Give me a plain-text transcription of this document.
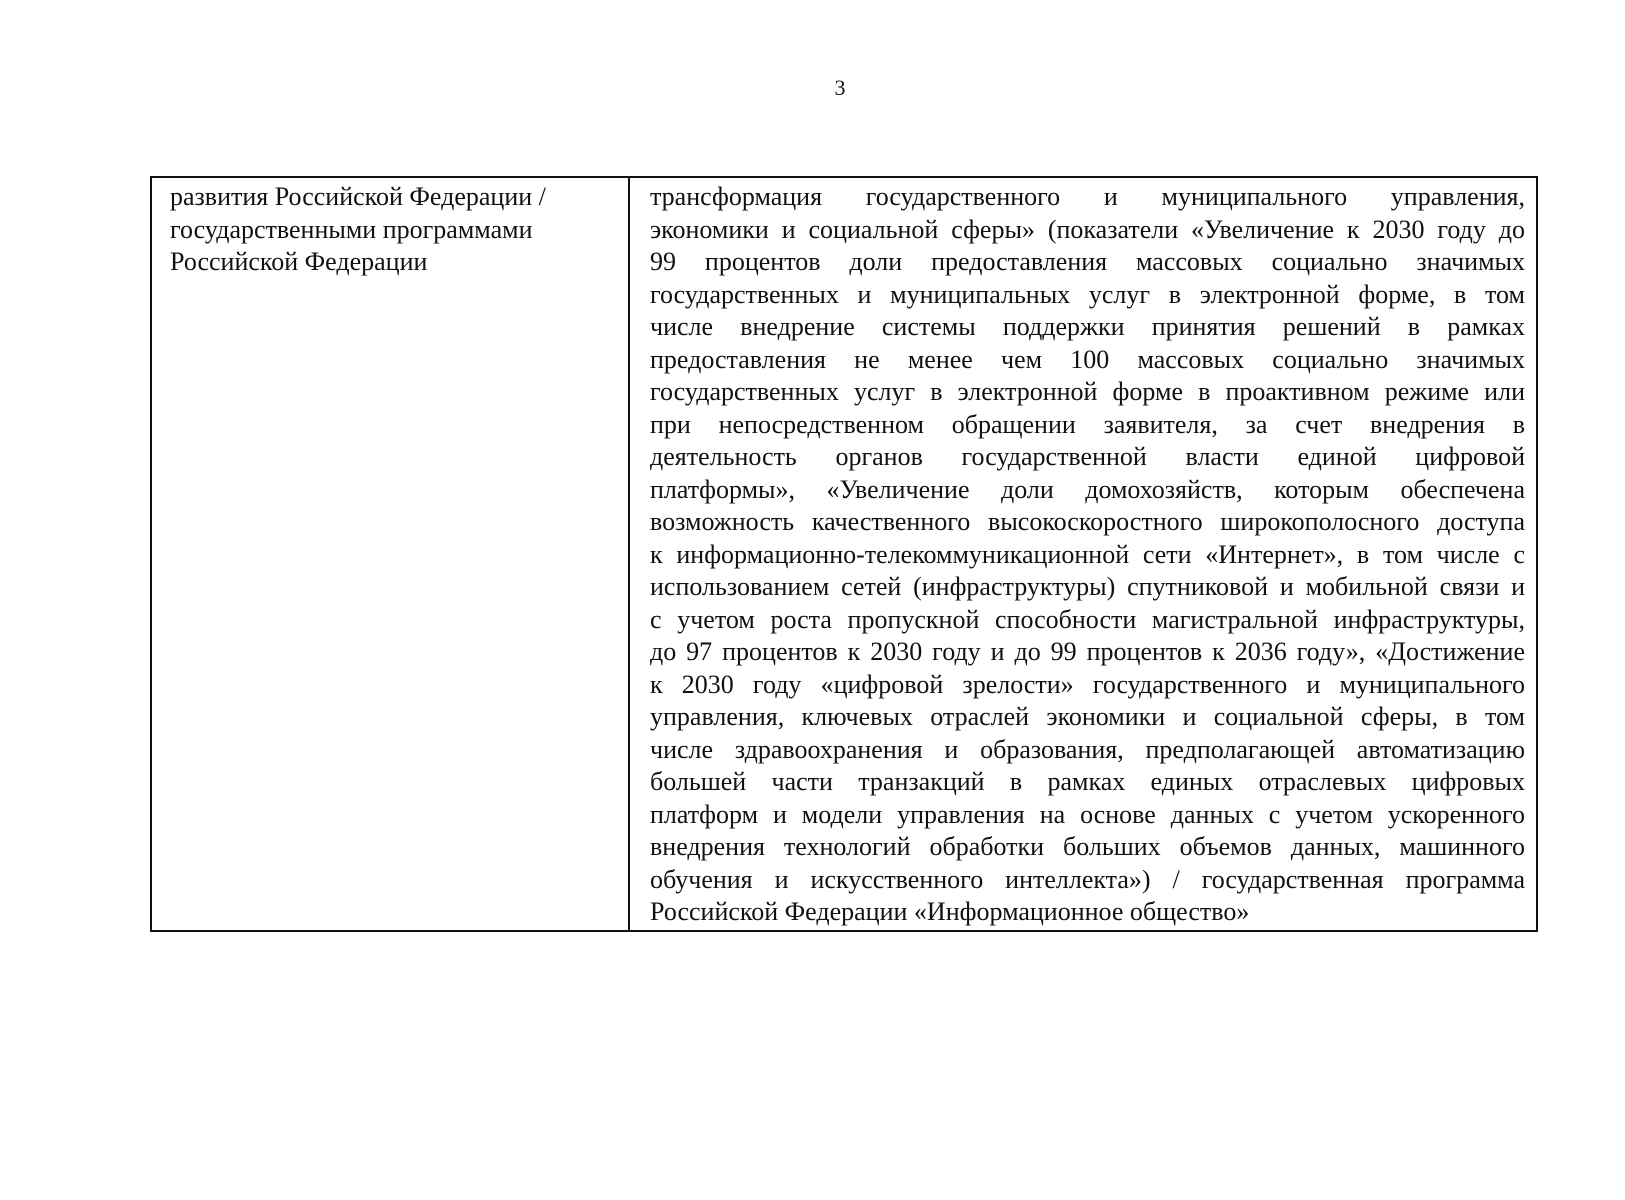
3
развития Российской Федерации /
государственными программами
Российской Федерации
трансформация государственного и муниципального управления,
экономики и социальной сферы» (показатели «Увеличение к 2030 году до
99 процентов доли предоставления массовых социально значимых
государственных и муниципальных услуг в электронной форме, в том
числе внедрение системы поддержки принятия решений в рамках
предоставления не менее чем 100 массовых социально значимых
государственных услуг в электронной форме в проактивном режиме или
при непосредственном обращении заявителя, за счет внедрения в
деятельность органов государственной власти единой цифровой
платформы», «Увеличение доли домохозяйств, которым обеспечена
возможность качественного высокоскоростного широкополосного доступа
к информационно-телекоммуникационной сети «Интернет», в том числе с
использованием сетей (инфраструктуры) спутниковой и мобильной связи и
с учетом роста пропускной способности магистральной инфраструктуры,
до 97 процентов к 2030 году и до 99 процентов к 2036 году», «Достижение
к 2030 году «цифровой зрелости» государственного и муниципального
управления, ключевых отраслей экономики и социальной сферы, в том
числе здравоохранения и образования, предполагающей автоматизацию
большей части транзакций в рамках единых отраслевых цифровых
платформ и модели управления на основе данных с учетом ускоренного
внедрения технологий обработки больших объемов данных, машинного
обучения и искусственного интеллекта») / государственная программа
Российской Федерации «Информационное общество»
